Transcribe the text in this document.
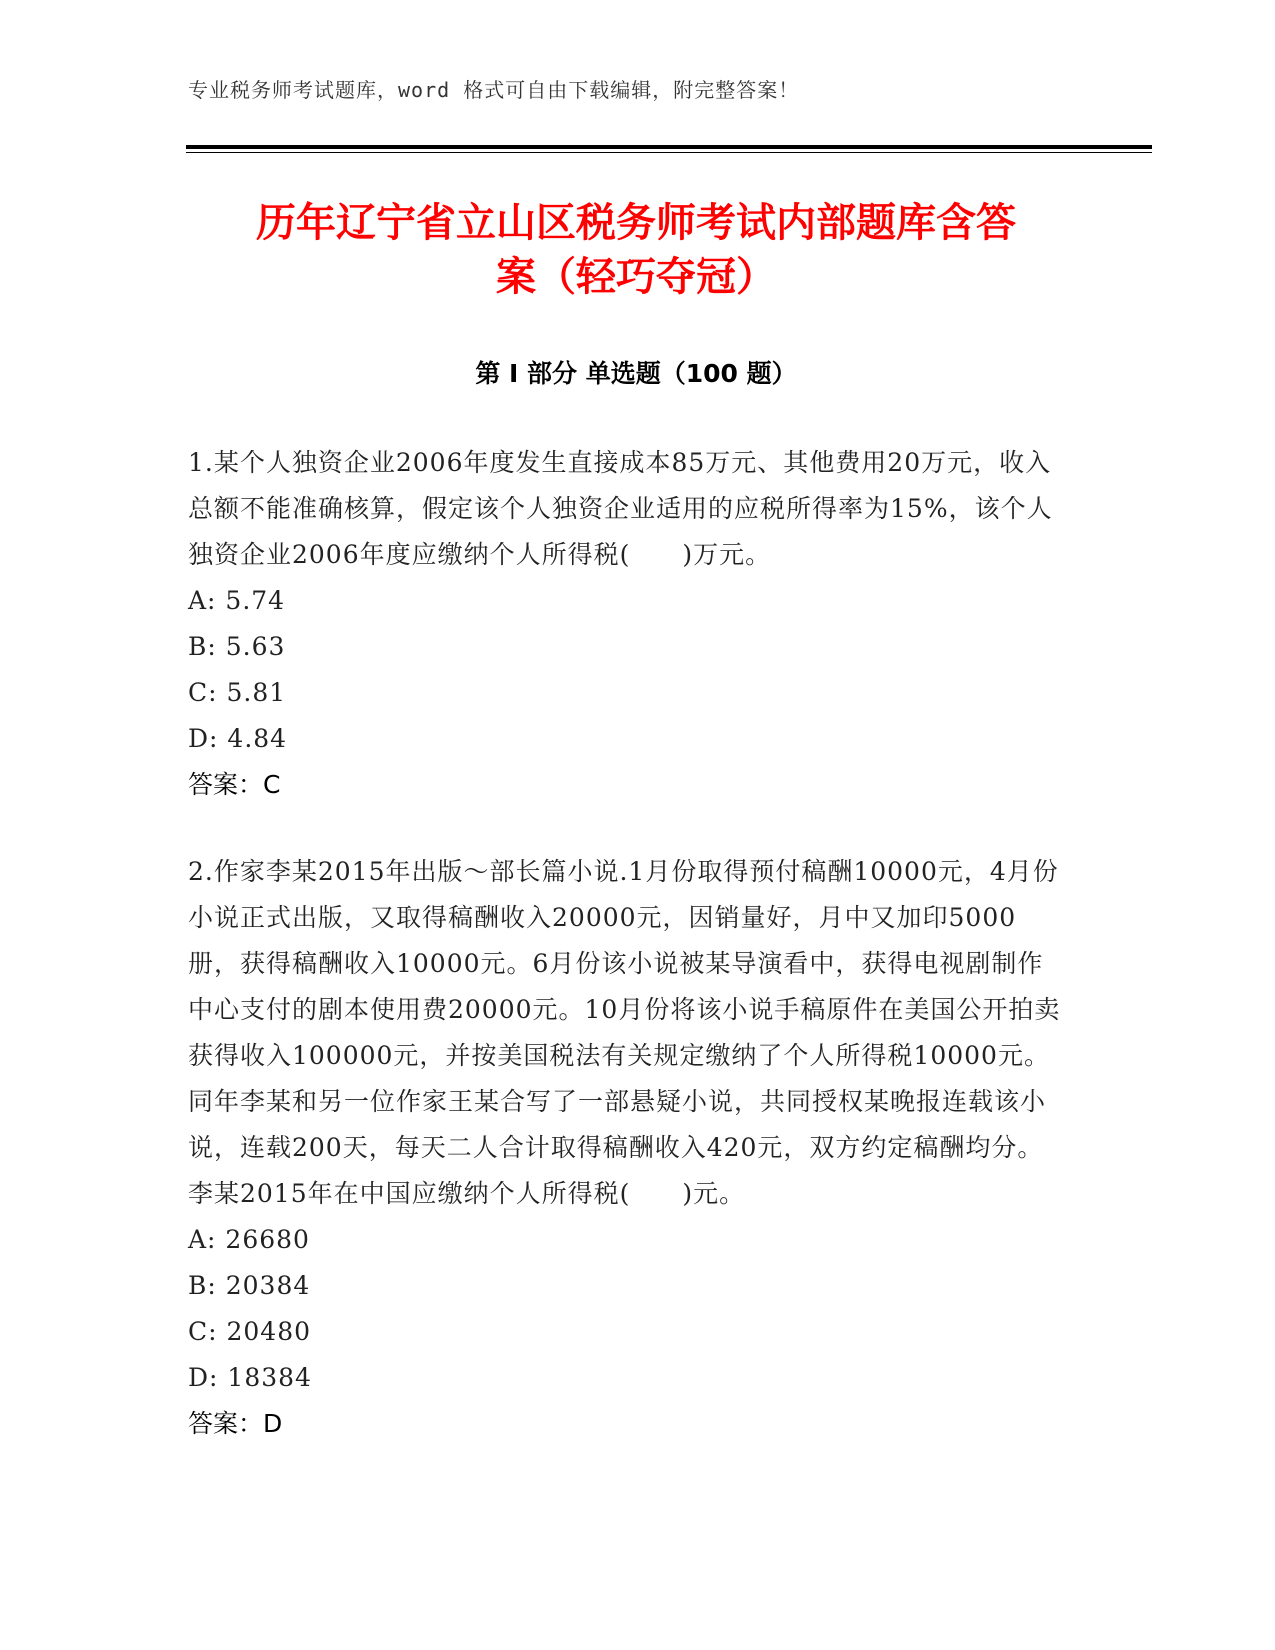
专业税务师考试题库，word 格式可自由下载编辑，附完整答案！
历年辽宁省立山区税务师考试内部题库含答
案（轻巧夺冠）
第 I 部分 单选题（100 题）

1.某个人独资企业2006年度发生直接成本85万元、其他费用20万元，收入总额不能准确核算，假定该个人独资企业适用的应税所得率为15%，该个人独资企业2006年度应缴纳个人所得税(　　)万元。

A: 5.74

B: 5.63

C: 5.81

D: 4.84

答案：C

2.作家李某2015年出版～部长篇小说.1月份取得预付稿酬10000元，4月份小说正式出版，又取得稿酬收入20000元，因销量好，月中又加印5000册，获得稿酬收入10000元。6月份该小说被某导演看中，获得电视剧制作中心支付的剧本使用费20000元。10月份将该小说手稿原件在美国公开拍卖获得收入100000元，并按美国税法有关规定缴纳了个人所得税10000元。同年李某和另一位作家王某合写了一部悬疑小说，共同授权某晚报连载该小说，连载200天，每天二人合计取得稿酬收入420元，双方约定稿酬均分。李某2015年在中国应缴纳个人所得税(　　)元。

A: 26680

B: 20384

C: 20480

D: 18384

答案：D
